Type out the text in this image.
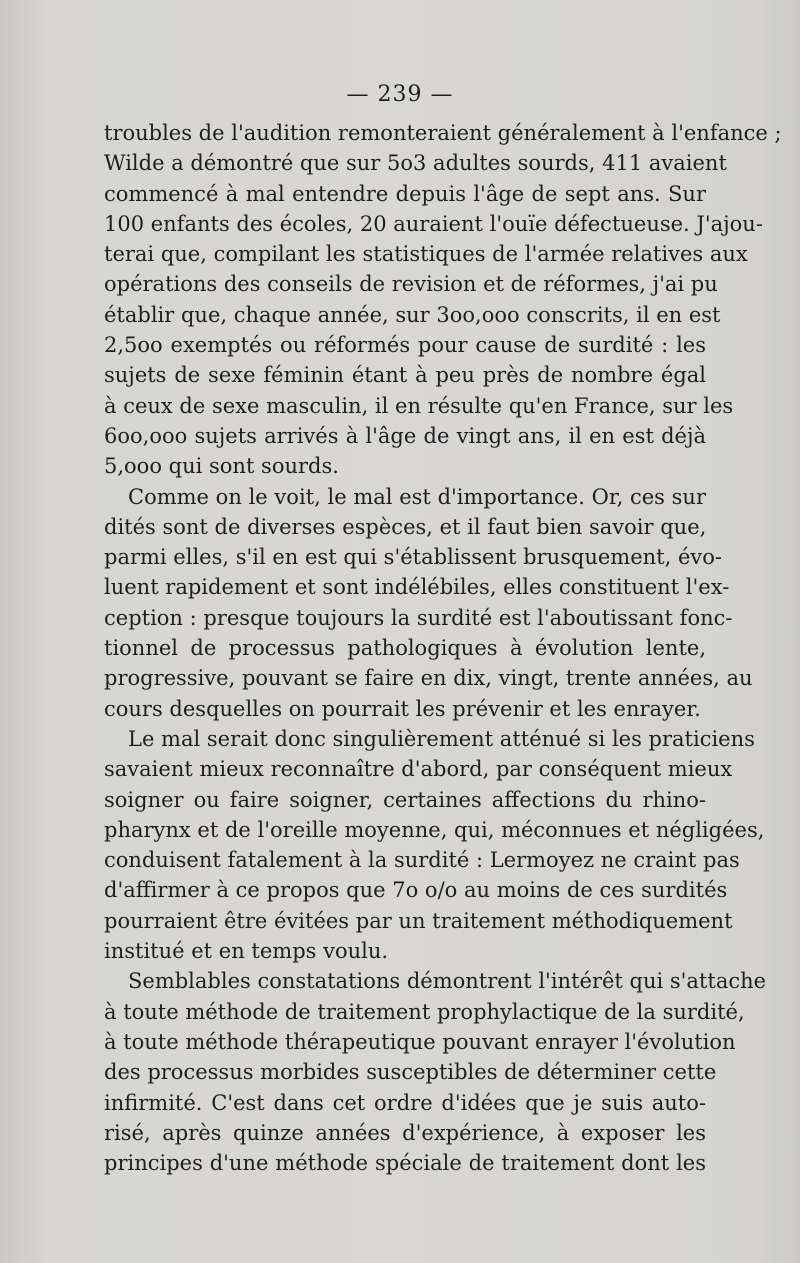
— 239 —
troubles de l'audition remonteraient généralement à l'enfance ;
Wilde a démontré que sur 5o3 adultes sourds, 411 avaient
commencé à mal entendre depuis l'âge de sept ans. Sur
100 enfants des écoles, 20 auraient l'ouïe défectueuse. J'ajou-
terai que, compilant les statistiques de l'armée relatives aux
opérations des conseils de revision et de réformes, j'ai pu
établir que, chaque année, sur 3oo,ooo conscrits, il en est
2,5oo exemptés ou réformés pour cause de surdité : les
sujets de sexe féminin étant à peu près de nombre égal
à ceux de sexe masculin, il en résulte qu'en France, sur les
6oo,ooo sujets arrivés à l'âge de vingt ans, il en est déjà
5,ooo qui sont sourds.
Comme on le voit, le mal est d'importance. Or, ces sur
dités sont de diverses espèces, et il faut bien savoir que,
parmi elles, s'il en est qui s'établissent brusquement, évo-
luent rapidement et sont indélébiles, elles constituent l'ex-
ception : presque toujours la surdité est l'aboutissant fonc-
tionnel de processus pathologiques à évolution lente,
progressive, pouvant se faire en dix, vingt, trente années, au
cours desquelles on pourrait les prévenir et les enrayer.
Le mal serait donc singulièrement atténué si les praticiens
savaient mieux reconnaître d'abord, par conséquent mieux
soigner ou faire soigner, certaines affections du rhino-
pharynx et de l'oreille moyenne, qui, méconnues et négligées,
conduisent fatalement à la surdité : Lermoyez ne craint pas
d'affirmer à ce propos que 7o o/o au moins de ces surdités
pourraient être évitées par un traitement méthodiquement
institué et en temps voulu.
Semblables constatations démontrent l'intérêt qui s'attache
à toute méthode de traitement prophylactique de la surdité,
à toute méthode thérapeutique pouvant enrayer l'évolution
des processus morbides susceptibles de déterminer cette
infirmité. C'est dans cet ordre d'idées que je suis auto-
risé, après quinze années d'expérience, à exposer les
principes d'une méthode spéciale de traitement dont les
